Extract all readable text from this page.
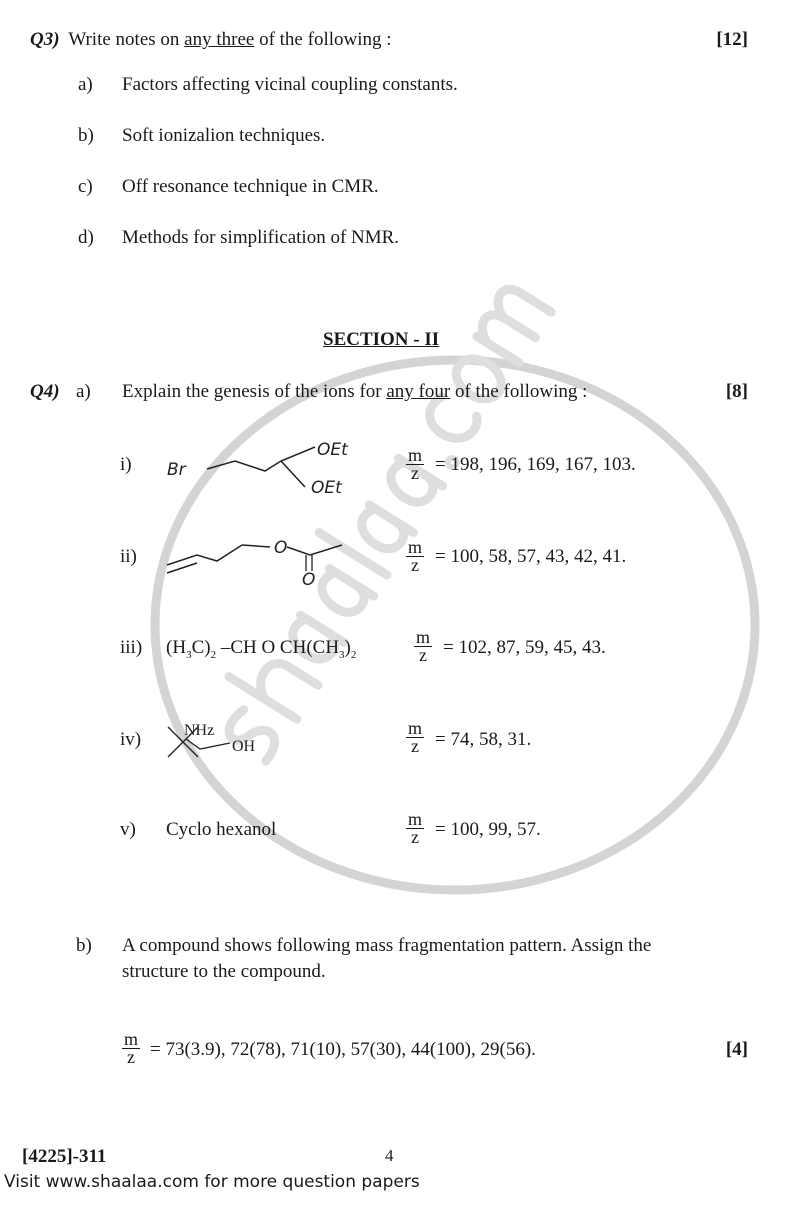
Q3) Write notes on any three of the following :	[12]
a) Factors affecting vicinal coupling constants.
b) Soft ionizalion techniques.
c) Off resonance technique in CMR.
d) Methods for simplification of NMR.
SECTION - II
Q4) a) Explain the genesis of the ions for any four of the following :	[8]
i) Br
OEt
OEt
$\frac{m}{z} = 198$, 196, 169, 167, 103.
ii)	O
O
$\frac{m}{z} = 100$, 58, 57, 43, 42, 41.
iii) $(H_3C)_2$ –CH O $CH(CH_3)_2$	$\frac{m}{z} = 102$, 87, 59, 45, 43.
iv)	NHz
OH	$\frac{m}{z} = 74$, 58, 31.
v) Cyclo hexanol	$\frac{m}{z} = 100$, 99, 57.
b) A compound shows following mass fragmentation pattern. Assign the
structure to the compound.
$\frac{m}{z} = 73(3.9)$, 72(78), 71(10), 57(30), 44(100), 29(56).	[4]
[4225]-311	4
Visit www.shaalaa.com for more question papers
